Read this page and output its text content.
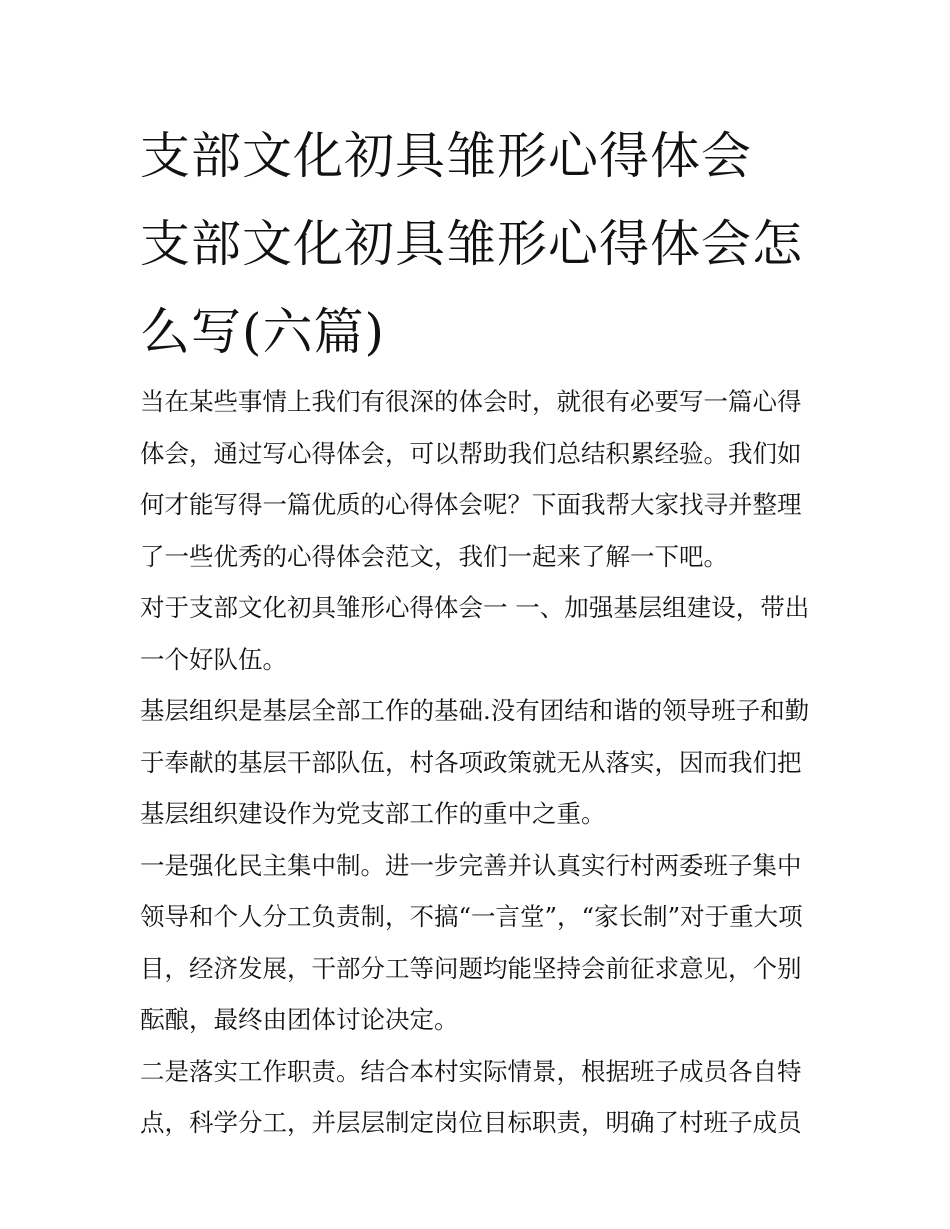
支部文化初具雏形心得体会 支部文化初具雏形心得体会怎么写(六篇)

当在某些事情上我们有很深的体会时，就很有必要写一篇心得体会，通过写心得体会，可以帮助我们总结积累经验。我们如何才能写得一篇优质的心得体会呢？下面我帮大家找寻并整理了一些优秀的心得体会范文，我们一起来了解一下吧。

对于支部文化初具雏形心得体会一 一、加强基层组建设，带出一个好队伍。

基层组织是基层全部工作的基础.没有团结和谐的领导班子和勤于奉献的基层干部队伍，村各项政策就无从落实，因而我们把基层组织建设作为党支部工作的重中之重。

一是强化民主集中制。进一步完善并认真实行村两委班子集中领导和个人分工负责制，不搞“一言堂”，“家长制”对于重大项目，经济发展，干部分工等问题均能坚持会前征求意见，个别酝酿，最终由团体讨论决定。

二是落实工作职责。结合本村实际情景，根据班子成员各自特点，科学分工，并层层制定岗位目标职责，明确了村班子成员
